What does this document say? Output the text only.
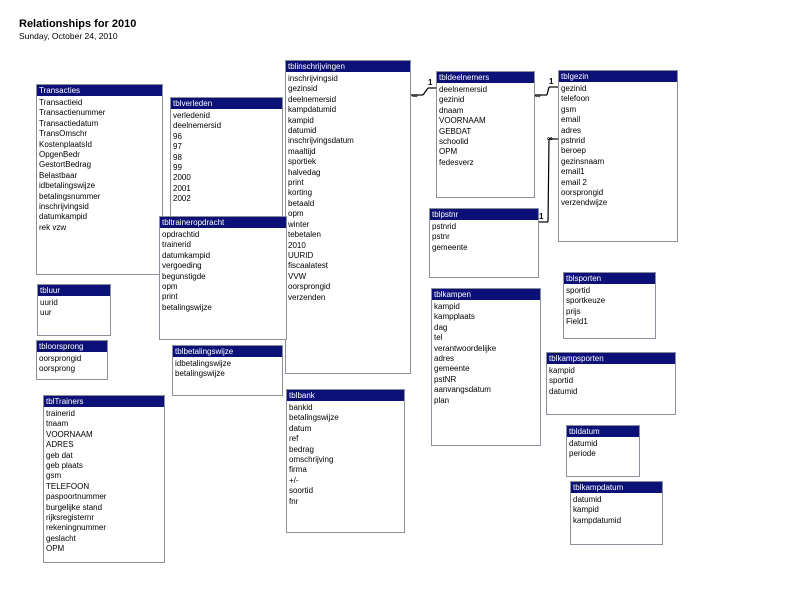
Relationships for 2010
Sunday, October 24, 2010
∞
1
∞
1
1
∞
Transacties
Transactieid
Transactienummer
Transactiedatum
TransOmschr
KostenplaatsId
OpgenBedr
GestortBedrag
Belastbaar
idbetalingswijze
betalingsnummer
inschrijvingsid
datumkampid
rek vzw
tblverleden
verledenid
deelnemersid
96
97
98
99
2000
2001
2002
tblinschrijvingen
inschrijvingsid
gezinsid
deelnemersid
kampdatumid
kampid
datumid
inschrijvingsdatum
maaltijd
sportiek
halvedag
print
korting
betaald
opm
winter
tebetalen
2010
UURID
fiscaalatest
VVW
oorsprongid
verzenden
tbldeelnemers
deelnemersid
gezinid
dnaam
VOORNAAM
GEBDAT
schoolid
OPM
fedesverz
tblgezin
gezinid
telefoon
gsm
email
adres
pstnrid
beroep
gezinsnaam
email1
email 2
oorsprongid
verzendwijze
tbltraineropdracht
opdrachtid
trainerid
datumkampid
vergoeding
begunstigde
opm
print
betalingswijze
tblpstnr
pstnrid
pstnr
gemeente
tbluur
uurid
uur
tblkampen
kampid
kampplaats
dag
tel
verantwoordelijke
adres
gemeente
pstNR
aanvangsdatum
plan
tblsporten
sportid
sportkeuze
prijs
Field1
tbloorsprong
oorsprongid
oorsprong
tblbetalingswijze
idbetalingswijze
betalingswijze
tblkampsporten
kampid
sportid
datumid
tblbank
bankid
betalingswijze
datum
ref
bedrag
omschrijving
firma
+/-
soortid
fnr
tblTrainers
trainerid
tnaam
VOORNAAM
ADRES
geb dat
geb plaats
gsm
TELEFOON
paspoortnummer
burgelijke stand
rijksregisternr
rekeningnummer
geslacht
OPM
tbldatum
datumid
periode
tblkampdatum
datumid
kampid
kampdatumid
